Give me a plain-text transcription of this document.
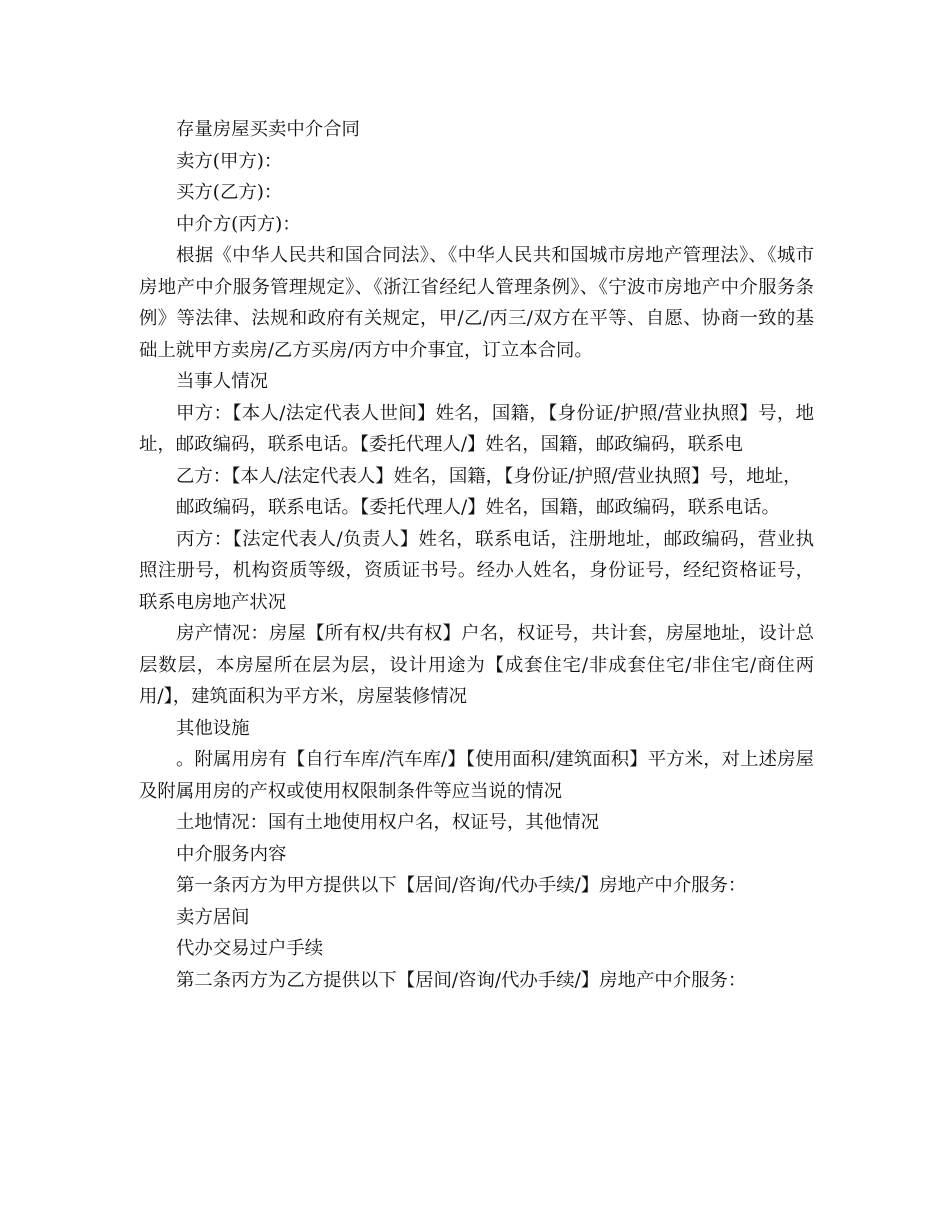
存量房屋买卖中介合同

卖方(甲方)：

买方(乙方)：

中介方(丙方)：

根据《中华人民共和国合同法》、《中华人民共和国城市房地产管理法》、《城市房地产中介服务管理规定》、《浙江省经纪人管理条例》、《宁波市房地产中介服务条例》等法律、法规和政府有关规定，甲/乙/丙三/双方在平等、自愿、协商一致的基础上就甲方卖房/乙方买房/丙方中介事宜，订立本合同。

当事人情况

甲方：【本人/法定代表人世间】姓名，国籍，【身份证/护照/营业执照】号，地址，邮政编码，联系电话。【委托代理人/】姓名，国籍，邮政编码，联系电

乙方：【本人/法定代表人】姓名，国籍，【身份证/护照/营业执照】号，地址，

邮政编码，联系电话。【委托代理人/】姓名，国籍，邮政编码，联系电话。

丙方：【法定代表人/负责人】姓名，联系电话，注册地址，邮政编码，营业执照注册号，机构资质等级，资质证书号。经办人姓名，身份证号，经纪资格证号，联系电房地产状况

房产情况：房屋【所有权/共有权】户名，权证号，共计套，房屋地址，设计总层数层，本房屋所在层为层，设计用途为【成套住宅/非成套住宅/非住宅/商住两用/】，建筑面积为平方米，房屋装修情况

其他设施

。附属用房有【自行车库/汽车库/】【使用面积/建筑面积】平方米，对上述房屋及附属用房的产权或使用权限制条件等应当说的情况

土地情况：国有土地使用权户名，权证号，其他情况

中介服务内容

第一条丙方为甲方提供以下【居间/咨询/代办手续/】房地产中介服务：

卖方居间

代办交易过户手续

第二条丙方为乙方提供以下【居间/咨询/代办手续/】房地产中介服务：
